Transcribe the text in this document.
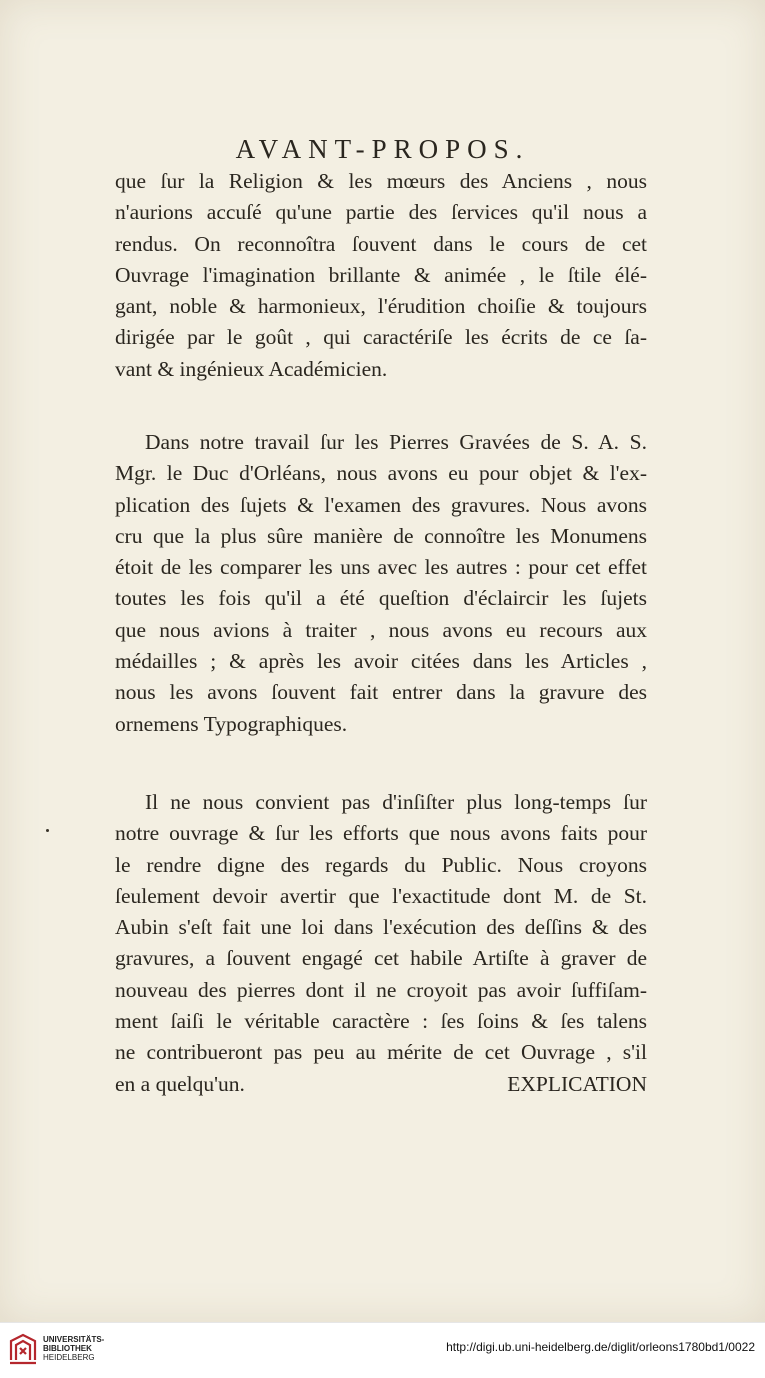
AVANT-PROPOS.
que ſur la Religion & les mœurs des Anciens , nous
n'aurions accuſé qu'une partie des ſervices qu'il nous a
rendus. On reconnoîtra ſouvent dans le cours de cet
Ouvrage l'imagination brillante & animée , le ſtile élé-
gant, noble & harmonieux, l'érudition choiſie & toujours
dirigée par le goût , qui caractériſe les écrits de ce ſa-
vant & ingénieux Académicien.
Dans notre travail ſur les Pierres Gravées de S. A. S.
Mgr. le Duc d'Orléans, nous avons eu pour objet & l'ex-
plication des ſujets & l'examen des gravures. Nous avons
cru que la plus sûre manière de connoître les Monumens
étoit de les comparer les uns avec les autres : pour cet effet
toutes les fois qu'il a été queſtion d'éclaircir les ſujets
que nous avions à traiter , nous avons eu recours aux
médailles ; & après les avoir citées dans les Articles ,
nous les avons ſouvent fait entrer dans la gravure des
ornemens Typographiques.
Il ne nous convient pas d'inſiſter plus long-temps ſur
notre ouvrage & ſur les efforts que nous avons faits pour
le rendre digne des regards du Public. Nous croyons
ſeulement devoir avertir que l'exactitude dont M. de St.
Aubin s'eſt fait une loi dans l'exécution des deſſins & des
gravures, a ſouvent engagé cet habile Artiſte à graver de
nouveau des pierres dont il ne croyoit pas avoir ſuffiſam-
ment ſaiſi le véritable caractère : ſes ſoins & ſes talens
ne contribueront pas peu au mérite de cet Ouvrage , s'il
en a quelqu'un.	EXPLICATION
UNIVERSITÄTS-
BIBLIOTHEK
HEIDELBERG
http://digi.ub.uni-heidelberg.de/diglit/orleons1780bd1/0022
